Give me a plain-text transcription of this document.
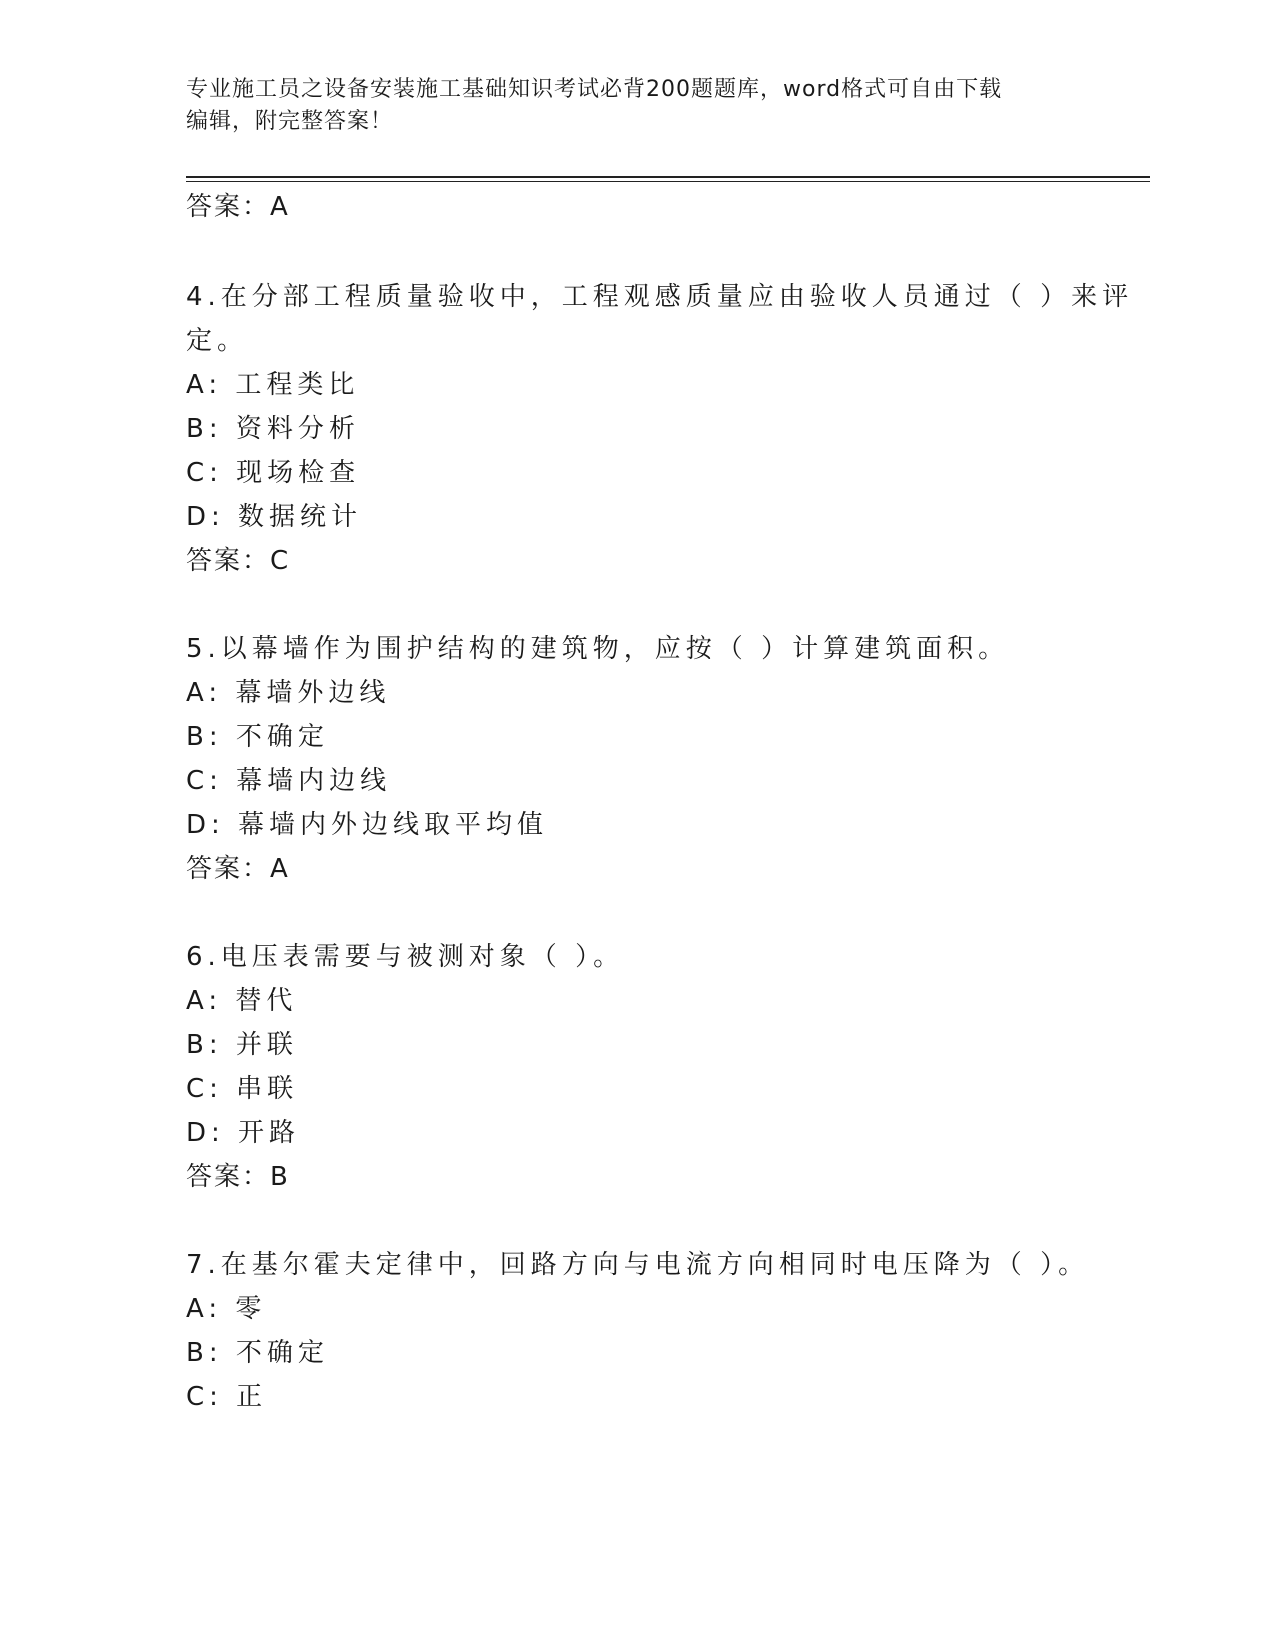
专业施工员之设备安装施工基础知识考试必背200题题库，word格式可自由下载
编辑，附完整答案！
答案：A
4.在分部工程质量验收中，工程观感质量应由验收人员通过（ ）来评
定。
A: 工程类比
B: 资料分析
C: 现场检查
D: 数据统计
答案：C
5.以幕墙作为围护结构的建筑物，应按（ ）计算建筑面积。
A: 幕墙外边线
B: 不确定
C: 幕墙内边线
D: 幕墙内外边线取平均值
答案：A
6.电压表需要与被测对象（ ）。
A: 替代
B: 并联
C: 串联
D: 开路
答案：B
7.在基尔霍夫定律中，回路方向与电流方向相同时电压降为（ ）。
A: 零
B: 不确定
C: 正
